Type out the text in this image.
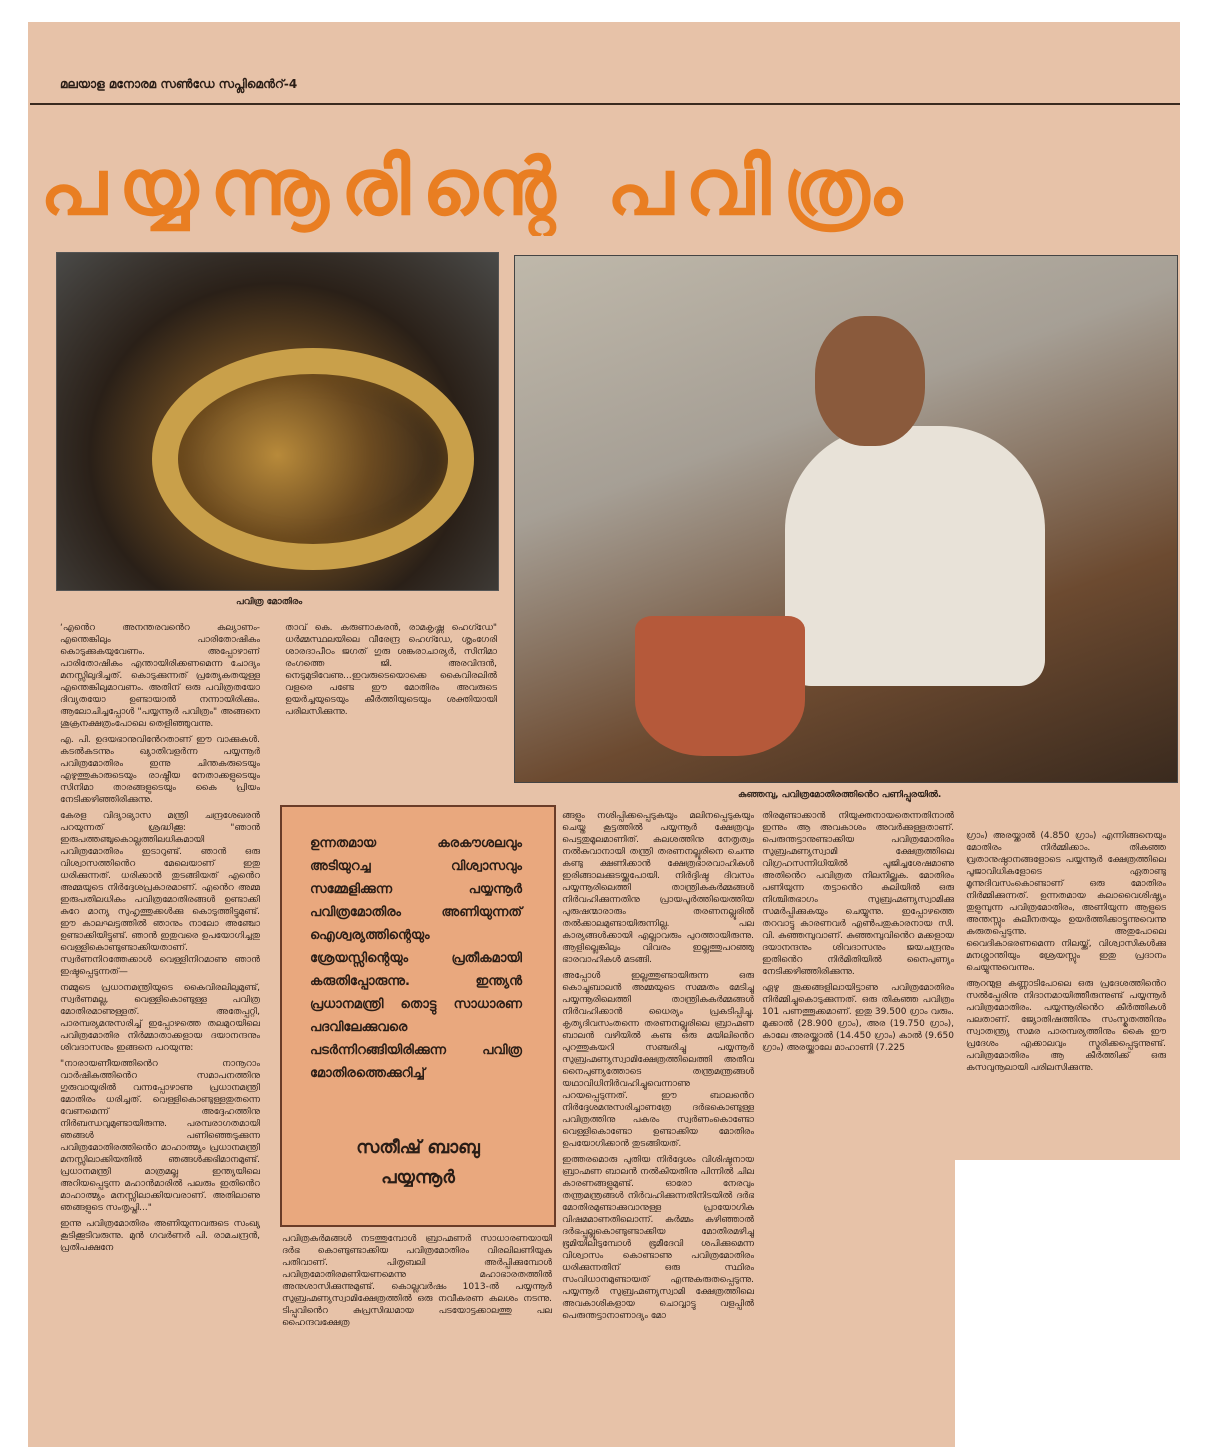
മലയാള മനോരമ സൺഡേ സപ്ലിമെൻറ്-4
പയ്യന്നൂരിന്റെ പവിത്രം
പവിത്ര മോതിരം
കുഞ്ഞമ്പു, പവിത്രമോതിരത്തിൻെറ പണിപ്പുരയിൽ.

‘എൻെറ അനന്തരവൻെറ കല്യാണം-എന്തെങ്കിലും പാരിതോഷികം കൊടുക്കുകയുവേണം. അപ്പോഴാണ് പാരിതോഷികം എന്തായിരിക്കണമെന്ന ചോദ്യം മനസ്സിലുദിച്ചത്. കൊടുക്കുന്നത് പ്രത്യേകതയുള്ള എന്തെങ്കിലുമാവണം. അതിന് ഒരു പവിത്രതയോ ദിവ്യതയോ ഉണ്ടായാൽ നന്നായിരിക്കും. ആലോചിച്ചപ്പോൾ "പയ്യന്നൂർ പവിത്രം" അങ്ങനെ ശുക്രനക്ഷത്രംപോലെ തെളിഞ്ഞുവന്നു.

എ. പി. ഉദയഭാനുവിൻേറതാണ് ഈ വാക്കുകൾ. കടൽകടന്നും ഖ്യാതിവളർന്ന പയ്യന്നൂർ പവിത്രമോതിരം ഇന്നു ചിന്തകരുടെയും എഴുത്തുകാരുടെയും രാഷ്ട്രീയ നേതാക്കളുടെയും സിനിമാ താരങ്ങളുടെയും കൈ പ്രിയം നേടിക്കഴിഞ്ഞിരിക്കുന്നു.

കേരള വിദ്യാഭ്യാസ മന്ത്രി ചന്ദ്രശേഖരൻ പറയുന്നത് ശ്രദ്ധിക്കൂ: "ഞാൻ ഇരുപത്തഞ്ചുകൊല്ലത്തിലധികമായി പവിത്രമോതിരം ഇടാറുണ്ട്. ഞാൻ ഒരു വിശ്വാസത്തിൻെറ മേലെയാണ് ഇതു ധരിക്കുന്നത്. ധരിക്കാൻ തുടങ്ങിയത് എൻെറ അമ്മയുടെ നിർദ്ദേശപ്രകാരമാണ്. എൻെറ അമ്മ ഇരുപതിലധികം പവിത്രമോതിരങ്ങൾ ഉണ്ടാക്കി കുറേ മാന്യ സുഹൃത്തുക്കൾക്കു കൊടുത്തിട്ടുമുണ്ട്. ഈ കാലഘട്ടത്തിൽ ഞാനും നാലോ അഞ്ചോ ഉണ്ടാക്കിയിട്ടുണ്ട്. ഞാൻ ഇതുവരെ ഉപയോഗിച്ചതു വെള്ളികൊണ്ടുണ്ടാക്കിയതാണ്. സ്വർണനിറത്തേക്കാൾ വെള്ളിനിറമാണു ഞാൻ ഇഷ്ടപ്പെടുന്നത്—

നമ്മുടെ പ്രധാനമന്ത്രിയുടെ കൈവിരലിലുമുണ്ട്, സ്വർണമല്ല, വെള്ളികൊണ്ടുള്ള പവിത്ര മോതിരമാണുള്ളത്. അതേപ്പറ്റി, പാരമ്പര്യമനുസരിച്ച് ഇപ്പോഴത്തെ തലമുറയിലെ പവിത്രമോതിര നിർമ്മാതാക്കളായ ദയാനന്ദനും ശിവദാസനും ഇങ്ങനെ പറയുന്നു:

"നാരായണീയത്തിൻെറ നാനൂറാം വാർഷികത്തിൻെറ സമാപനത്തിനു ഗുരുവായൂരിൽ വന്നപ്പോഴാണു പ്രധാനമന്ത്രി മോതിരം ധരിച്ചത്. വെള്ളികൊണ്ടുള്ളതുതന്നെ വേണമെന്ന് അദ്ദേഹത്തിനു നിർബന്ധവുമുണ്ടായിരുന്നു. പരമ്പരാഗതമായി ഞങ്ങൾ പണിഞ്ഞെടുക്കുന്ന പവിത്രമോതിരത്തിൻെറ മാഹാത്മ്യം പ്രധാനമന്ത്രി മനസ്സിലാക്കിയതിൽ ഞങ്ങൾക്കഭിമാനമുണ്ട്. പ്രധാനമന്ത്രി മാത്രമല്ല ഇന്ത്യയിലെ അറിയപ്പെടുന്ന മഹാൻമാരിൽ പലരും ഇതിൻെറ മാഹാത്മ്യം മനസ്സിലാക്കിയവരാണ്. അതിലാണു ഞങ്ങളുടെ സംതൃപ്തി..."

ഇന്നു പവിത്രമോതിരം അണിയുന്നവരുടെ സംഖ്യ കൂടിക്കൂടിവരുന്നു. മുൻ ഗവർണർ പി. രാമചന്ദ്രൻ, പ്രതിപക്ഷനേ

താവ് കെ. കരുണാകരൻ, രാമകൃഷ്ണ ഹെഗ്ഡേ" ധർമ്മസ്ഥലയിലെ വീരേന്ദ്ര ഹെഗ്ഡേ, ശൃംഗേരി ശാരദാപീഠം ജഗത് ഗുരു ശങ്കരാചാര്യർ, സിനിമാ രംഗത്തെ ജി. അരവിന്ദൻ, നെടുമുടിവേണു...ഇവരുടെയൊക്കെ കൈവിരലിൽ വളരെ പണ്ടേ ഈ മോതിരം അവരുടെ ഉയർച്ചയുടെയും കീർത്തിയുടെയും ശക്തിയായി പരിലസിക്കുന്നു.

ഉന്നതമായ കരകൗശലവും അടിയുറച്ച വിശ്വാസവും സമ്മേളിക്കുന്ന പയ്യന്നൂർ പവിത്രമോതിരം അണിയുന്നത് ഐശ്വര്യത്തിന്റെയും ശ്രേയസ്സിന്റെയും പ്രതീകമായി കരുതിപ്പോരുന്നു. ഇന്ത്യൻ പ്രധാനമന്ത്രി തൊട്ടു സാധാരണ പദവിലേക്കുവരെ പടർന്നിറങ്ങിയിരിക്കുന്ന പവിത്ര മോതിരത്തെക്കുറിച്ച്
സതീഷ് ബാബു
പയ്യന്നൂർ

പവിത്രകർമങ്ങൾ നടത്തുമ്പോൾ ബ്രാഹ്മണർ സാധാരണയായി ദർഭ കൊണ്ടുണ്ടാക്കിയ പവിത്രമോതിരം വിരലിലണിയുക പതിവാണ്. പിതൃബലി അർപ്പിക്കുമ്പോൾ പവിത്രമോതിരമണിയണമെന്നു മഹാഭാരതത്തിൽ അനുശാസിക്കുന്നുമുണ്ട്. കൊല്ലവർഷം 1013-ൽ പയ്യന്നൂർ സുബ്രഹ്മണ്യസ്വാമിക്ഷേത്രത്തിൽ ഒരു നവീകരണ കലശം നടന്നു. ടിപ്പുവിൻെറ കുപ്രസിദ്ധമായ പടയോട്ടക്കാലത്തു പല ഹൈന്ദവക്ഷേത്ര

ങ്ങളും നശിപ്പിക്കപ്പെടുകയും മലിനപ്പെടുകയും ചെയ്ത കൂട്ടത്തിൽ പയ്യന്നൂർ ക്ഷേത്രവും പെട്ടതുമൂലമാണിത്. കലശത്തിനു നേതൃത്വം നൽകുവാനായി തന്ത്രി തരണനല്ലൂരിനെ ചെന്നു കണ്ടു ക്ഷണിക്കാൻ ക്ഷേത്രഭാരവാഹികൾ ഇരിങ്ങാലക്കുടയ്ക്കുപോയി. നിർദ്ദിഷ്ട ദിവസം പയ്യന്നൂരിലെത്തി താന്ത്രികകർമ്മങ്ങൾ നിർവഹിക്കുന്നതിനു പ്രായപൂർത്തിയെത്തിയ പുരുഷന്മാരാരും തരണനല്ലൂരിൽ തൽക്കാലമുണ്ടായിരുന്നില്ല. പല കാര്യങ്ങൾക്കായി എല്ലാവരും പുറത്തായിരുന്നു. ആളില്ലെങ്കിലും വിവരം ഇല്ലത്തുപറഞ്ഞു ഭാരവാഹികൾ മടങ്ങി.

അപ്പോൾ ഇല്ലത്തുണ്ടായിരുന്ന ഒരു കൊച്ചുബാലൻ അമ്മയുടെ സമ്മതം മേടിച്ചു പയ്യന്നൂരിലെത്തി താന്ത്രികകർമ്മങ്ങൾ നിർവഹിക്കാൻ ധൈര്യം പ്രകടിപ്പിച്ചു. കൃത്യദിവസംതന്നെ തരണനല്ലൂരിലെ ബ്രാഹ്മണ ബാലൻ വഴിയിൽ കണ്ട ഒരു മയിലിൻെറ പുറത്തുകയറി സഞ്ചരിച്ചു പയ്യന്നൂർ സുബ്രഹ്മണ്യസ്വാമിക്ഷേത്രത്തിലെത്തി അതീവ നൈപുണ്യത്തോടെ തന്ത്രമന്ത്രങ്ങൾ യഥാവിധിനിർവഹിച്ചുവെന്നാണു പറയപ്പെടുന്നത്. ഈ ബാലൻെറ നിർദ്ദേശമനുസരിച്ചാണത്രേ ദർഭകൊണ്ടുള്ള പവിത്രത്തിനു പകരം സ്വർണംകൊണ്ടോ വെള്ളികൊണ്ടോ ഉണ്ടാക്കിയ മോതിരം ഉപയോഗിക്കാൻ തുടങ്ങിയത്.

ഇത്തരമൊരു പുതിയ നിർദ്ദേശം വിശിഷ്ടനായ ബ്രാഹ്മണ ബാലൻ നൽകിയതിനു പിന്നിൽ ചില കാരണങ്ങളുമുണ്ട്. ഓരോ നേരവും തന്ത്രമന്ത്രങ്ങൾ നിർവഹിക്കുന്നതിനിടയിൽ ദർഭ മോതിരമുണ്ടാക്കുവാനുള്ള പ്രായോഗിക വിഷമമാണതിലൊന്ന്. കർമ്മം കഴിഞ്ഞാൽ ദർഭപ്പുല്ലുകൊണ്ടുണ്ടാക്കിയ മോതിരമഴിച്ചു ഭൂമിയിലിടുമ്പോൾ ഭൂമീദേവി ശപിക്കുമെന്ന വിശ്വാസം കൊണ്ടാണു പവിത്രമോതിരം ധരിക്കുന്നതിന് ഒരു സ്ഥിരം സംവിധാനമുണ്ടായത് എന്നുകരുതപ്പെടുന്നു. പയ്യന്നൂർ സുബ്രഹ്മണ്യസ്വാമി ക്ഷേത്രത്തിലെ അവകാശികളായ ചൊവ്വാട്ടു വളപ്പിൽ പെരുന്തട്ടാനാണാദ്യം മോ

തിരമുണ്ടാക്കാൻ നിയുക്തനായതെന്നതിനാൽ ഇന്നും ആ അവകാശം അവർക്കുള്ളതാണ്. പെരുന്തട്ടാനുണ്ടാക്കിയ പവിത്രമോതിരം സുബ്രഹ്മണ്യസ്വാമി ക്ഷേത്രത്തിലെ വിഗ്രഹസന്നിധിയിൽ പൂജിച്ചശേഷമാണു അതിൻെറ പവിത്രത നിലനില്ക്കുക. മോതിരം പണിയുന്ന തട്ടാൻെറ കുലിയിൽ ഒരു നിശ്ചിതഭാഗം സുബ്രഹ്മണ്യസ്വാമിക്കു സമർപ്പിക്കുകയും ചെയ്യുന്നു. ഇപ്പോഴത്തെ തറവാട്ടു കാരണവർ എൺപതുകാരനായ സി. വി. കുഞ്ഞമ്പുവാണ്. കുഞ്ഞമ്പുവിൻെറ മക്കളായ ദയാനന്ദനും ശിവദാസനും ജയചന്ദ്രനും ഇതിൻെറ നിർമിതിയിൽ നൈപുണ്യം നേടിക്കഴിഞ്ഞിരിക്കുന്നു.

ഏഴു തൂക്കങ്ങളിലായിട്ടാണു പവിത്രമോതിരം നിർമ്മിച്ചുകൊടുക്കുന്നത്. ഒരു തികഞ്ഞ പവിത്രം 101 പണത്തൂക്കമാണ്. ഇതു 39.500 ഗ്രാം വരും. മുക്കാൽ (28.900 ഗ്രാം), അര (19.750 ഗ്രാം), കാലേ അരയ്ക്കാൽ (14.450 ഗ്രാം) കാൽ (9.650 ഗ്രാം) അരയ്ക്കാലേ മാഹാണി (7.225

ഗ്രാം) അരയ്ക്കാൽ (4.850 ഗ്രാം) എന്നിങ്ങനെയും മോതിരം നിർമ്മിക്കാം. തികഞ്ഞ വ്രതാനുഷ്ഠാനങ്ങളോടെ പയ്യന്നൂർ ക്ഷേത്രത്തിലെ പൂജാവിധികളോടെ ഏതാണ്ടു മൂന്നുദിവസംകൊണ്ടാണ് ഒരു മോതിരം നിർമ്മിക്കുന്നത്. ഉന്നതമായ കലാവൈശിഷ്ട്യം തുളുമ്പുന്ന പവിത്രമോതിരം, അണിയുന്ന ആളുടെ അന്തസ്സും കുലീനതയും ഉയർത്തിക്കാട്ടുന്നുവെന്നു കരുതപ്പെടുന്നു. അതുപോലെ വൈദികാഭരണമെന്ന നിലയ്ക്ക്, വിശ്വാസികൾക്കു മനശ്ശാന്തിയും ശ്രേയസ്സും ഇതു പ്രദാനം ചെയ്യുന്നുവെന്നും.

ആറന്മുള കണ്ണാടിപോലെ ഒരു പ്രദേശത്തിൻെറ സൽപ്പേരിനു നിദാനമായിത്തീരുന്നുണ്ട് പയ്യന്നൂർ പവിത്രമോതിരം. പയ്യന്നൂരിൻെറ കീർത്തികൾ പലതാണ്. ജ്യോതിഷത്തിനും സംസ്കൃതത്തിനും സ്വാതന്ത്ര്യ സമര പാരമ്പര്യത്തിനും കൈ ഈ പ്രദേശം എക്കാലവും സ്മരിക്കപ്പെടുന്നുണ്ട്. പവിത്രമോതിരം ആ കീർത്തിക്ക് ഒരു കസവുനൂലായി പരിലസിക്കുന്നു.
